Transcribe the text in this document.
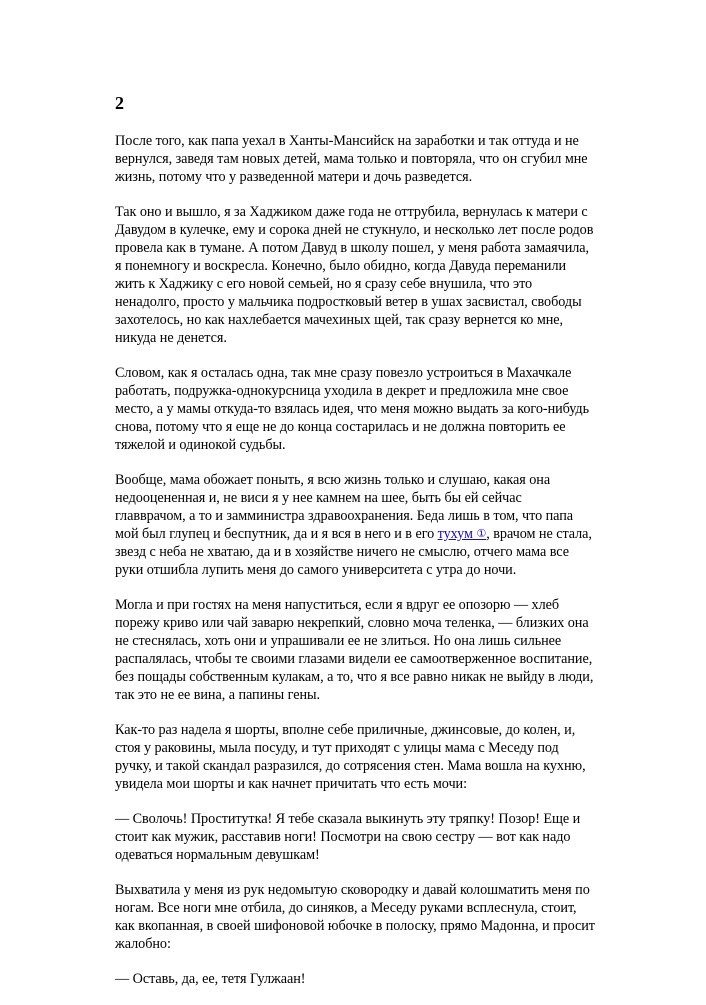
2

После того, как папа уехал в Ханты-Мансийск на заработки и так оттуда и не вернулся, заведя там новых детей, мама только и повторяла, что он сгубил мне жизнь, потому что у разведенной матери и дочь разведется.

Так оно и вышло, я за Хаджиком даже года не оттрубила, вернулась к матери с Давудом в кулечке, ему и сорока дней не стукнуло, и несколько лет после родов провела как в тумане. А потом Давуд в школу пошел, у меня работа замаячила, я понемногу и воскресла. Конечно, было обидно, когда Давуда переманили жить к Хаджику с его новой семьей, но я сразу себе внушила, что это ненадолго, просто у мальчика подростковый ветер в ушах засвистал, свободы захотелось, но как нахлебается мачехиных щей, так сразу вернется ко мне, никуда не денется.

Словом, как я осталась одна, так мне сразу повезло устроиться в Махачкале работать, подружка-однокурсница уходила в декрет и предложила мне свое место, а у мамы откуда-то взялась идея, что меня можно выдать за кого-нибудь снова, потому что я еще не до конца состарилась и не должна повторить ее тяжелой и одинокой судьбы.

Вообще, мама обожает поныть, я всю жизнь только и слушаю, какая она недооцененная и, не виси я у нее камнем на шее, быть бы ей сейчас главврачом, а то и замминистра здравоохранения. Беда лишь в том, что папа мой был глупец и беспутник, да и я вся в него и в его тухум ①, врачом не стала, звезд с неба не хватаю, да и в хозяйстве ничего не смыслю, отчего мама все руки отшибла лупить меня до самого университета с утра до ночи.

Могла и при гостях на меня напуститься, если я вдруг ее опозорю — хлеб порежу криво или чай заварю некрепкий, словно моча теленка, — близких она не стеснялась, хоть они и упрашивали ее не злиться. Но она лишь сильнее распалялась, чтобы те своими глазами видели ее самоотверженное воспитание, без пощады собственным кулакам, а то, что я все равно никак не выйду в люди, так это не ее вина, а папины гены.

Как-то раз надела я шорты, вполне себе приличные, джинсовые, до колен, и, стоя у раковины, мыла посуду, и тут приходят с улицы мама с Меседу под ручку, и такой скандал разразился, до сотрясения стен. Мама вошла на кухню, увидела мои шорты и как начнет причитать что есть мочи:

— Сволочь! Проститутка! Я тебе сказала выкинуть эту тряпку! Позор! Еще и стоит как мужик, расставив ноги! Посмотри на свою сестру — вот как надо одеваться нормальным девушкам!

Выхватила у меня из рук недомытую сковородку и давай колошматить меня по ногам. Все ноги мне отбила, до синяков, а Меседу руками всплеснула, стоит, как вкопанная, в своей шифоновой юбочке в полоску, прямо Мадонна, и просит жалобно:

— Оставь, да, ее, тетя Гулжаан!
